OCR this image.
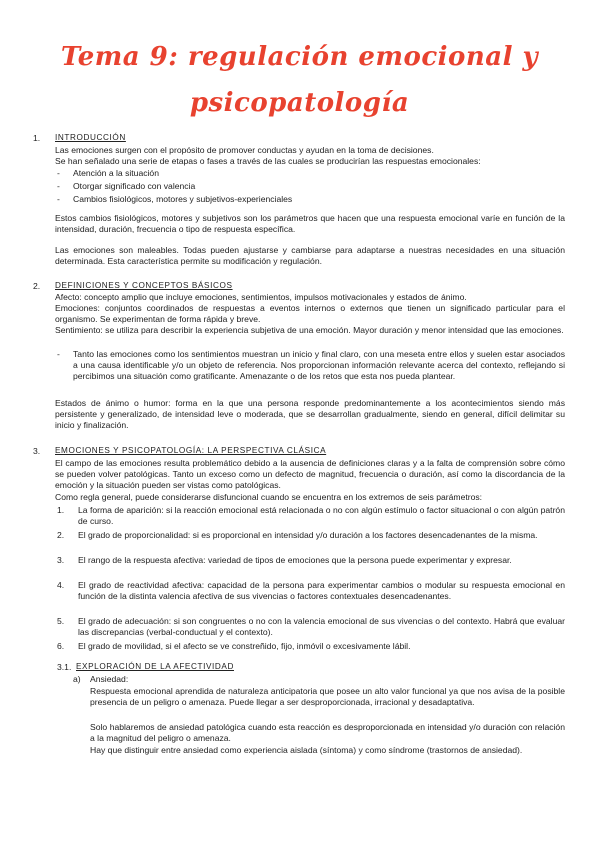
Tema 9: regulación emocional y
psicopatología
1. INTRODUCCIÓN
Las emociones surgen con el propósito de promover conductas y ayudan en la toma de decisiones.
Se han señalado una serie de etapas o fases a través de las cuales se producirían las respuestas emocionales:
- Atención a la situación
- Otorgar significado con valencia
- Cambios fisiológicos, motores y subjetivos-experienciales
Estos cambios fisiológicos, motores y subjetivos son los parámetros que hacen que una respuesta emocional varíe en función de la intensidad, duración, frecuencia o tipo de respuesta específica.
Las emociones son maleables. Todas pueden ajustarse y cambiarse para adaptarse a nuestras necesidades en una situación determinada. Esta característica permite su modificación y regulación.
2. DEFINICIONES Y CONCEPTOS BÁSICOS
Afecto: concepto amplio que incluye emociones, sentimientos, impulsos motivacionales y estados de ánimo.
Emociones: conjuntos coordinados de respuestas a eventos internos o externos que tienen un significado particular para el organismo. Se experimentan de forma rápida y breve.
Sentimiento: se utiliza para describir la experiencia subjetiva de una emoción. Mayor duración y menor intensidad que las emociones.
- Tanto las emociones como los sentimientos muestran un inicio y final claro, con una meseta entre ellos y suelen estar asociados a una causa identificable y/o un objeto de referencia. Nos proporcionan información relevante acerca del contexto, reflejando si percibimos una situación como gratificante. Amenazante o de los retos que esta nos pueda plantear.
Estados de ánimo o humor: forma en la que una persona responde predominantemente a los acontecimientos siendo más persistente y generalizado, de intensidad leve o moderada, que se desarrollan gradualmente, siendo en general, difícil delimitar su inicio y finalización.
3. EMOCIONES Y PSICOPATOLOGÍA: LA PERSPECTIVA CLÁSICA
El campo de las emociones resulta problemático debido a la ausencia de definiciones claras y a la falta de comprensión sobre cómo se pueden volver patológicas. Tanto un exceso como un defecto de magnitud, frecuencia o duración, así como la discordancia de la emoción y la situación pueden ser vistas como patológicas.
Como regla general, puede considerarse disfuncional cuando se encuentra en los extremos de seis parámetros:
1. La forma de aparición: si la reacción emocional está relacionada o no con algún estímulo o factor situacional o con algún patrón de curso.
2. El grado de proporcionalidad: si es proporcional en intensidad y/o duración a los factores desencadenantes de la misma.
3. El rango de la respuesta afectiva: variedad de tipos de emociones que la persona puede experimentar y expresar.
4. El grado de reactividad afectiva: capacidad de la persona para experimentar cambios o modular su respuesta emocional en función de la distinta valencia afectiva de sus vivencias o factores contextuales desencadenantes.
5. El grado de adecuación: si son congruentes o no con la valencia emocional de sus vivencias o del contexto. Habrá que evaluar las discrepancias (verbal-conductual y el contexto).
6. El grado de movilidad, si el afecto se ve constreñido, fijo, inmóvil o excesivamente lábil.
3.1. EXPLORACIÓN DE LA AFECTIVIDAD
a) Ansiedad:
Respuesta emocional aprendida de naturaleza anticipatoria que posee un alto valor funcional ya que nos avisa de la posible presencia de un peligro o amenaza. Puede llegar a ser desproporcionada, irracional y desadaptativa.
Solo hablaremos de ansiedad patológica cuando esta reacción es desproporcionada en intensidad y/o duración con relación a la magnitud del peligro o amenaza.
Hay que distinguir entre ansiedad como experiencia aislada (síntoma) y como síndrome (trastornos de ansiedad).
